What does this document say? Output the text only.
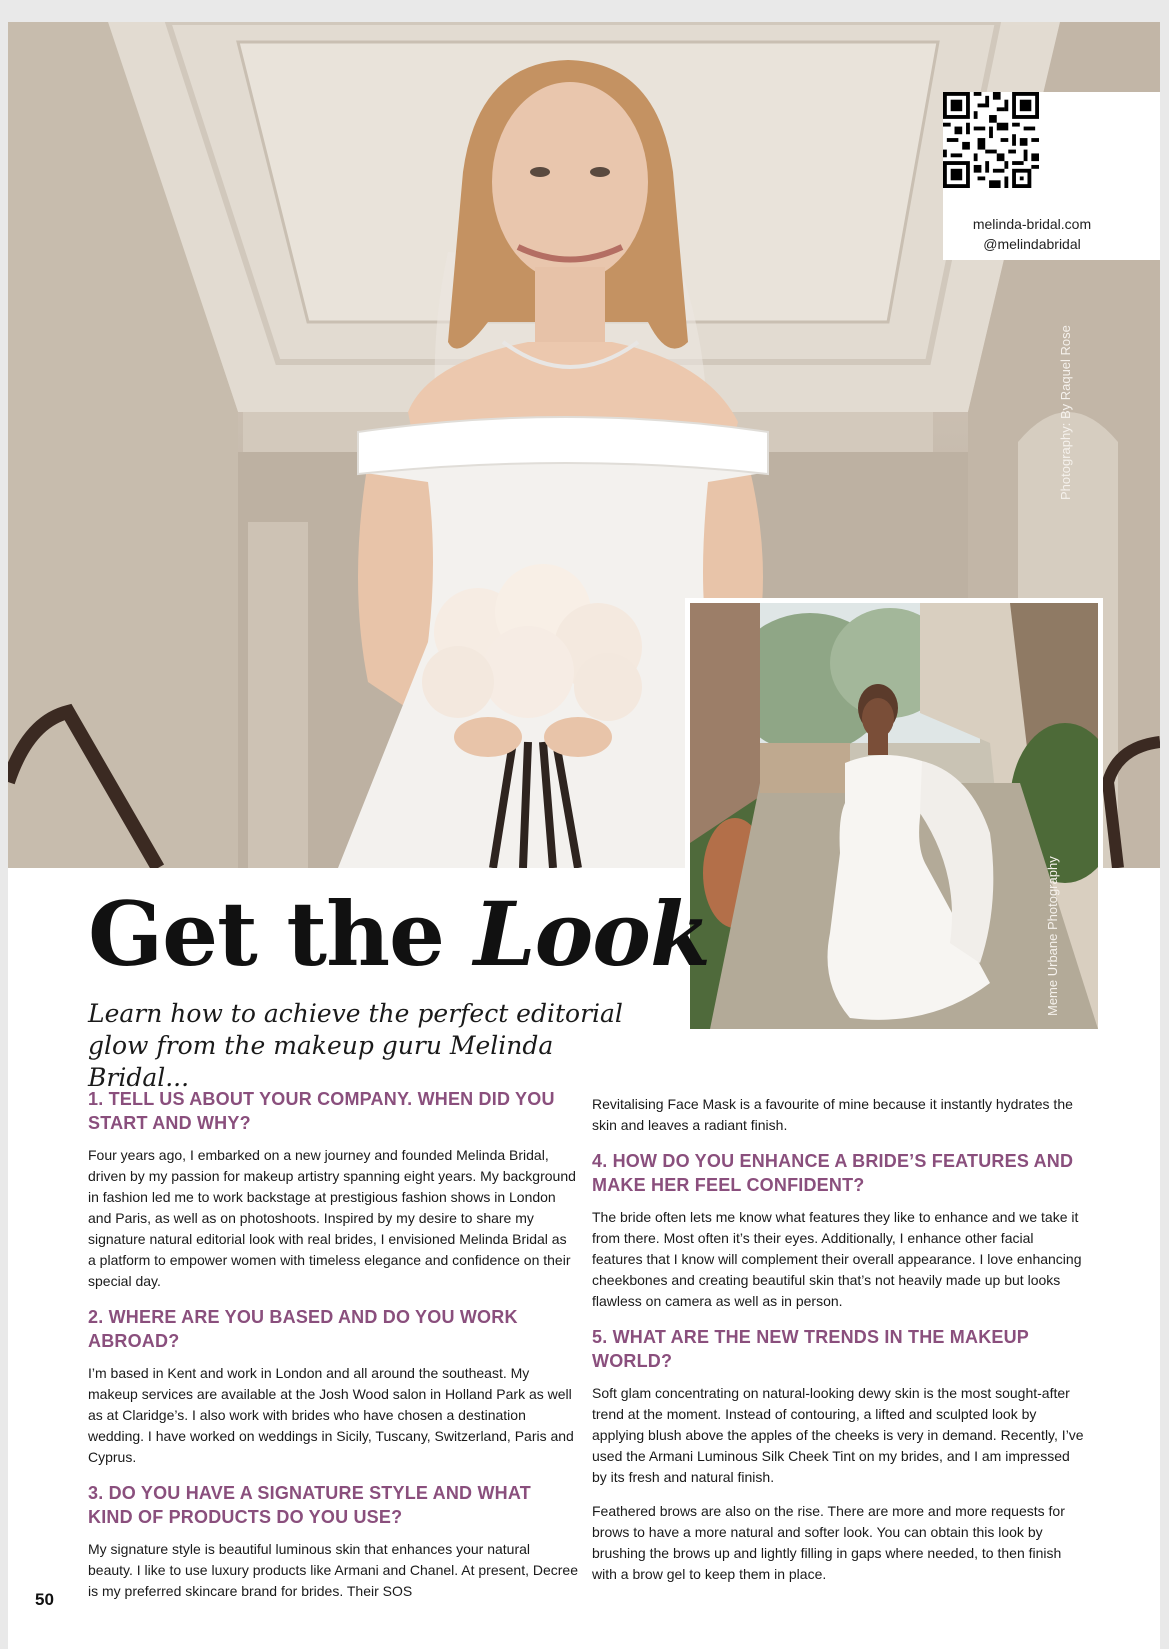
melinda-bridal.com
@melindabridal
Photography: By Raquel Rose
Meme Urbane Photography
Get the Look

Learn how to achieve the perfect editorial glow from the makeup guru Melinda Bridal...

1. TELL US ABOUT YOUR COMPANY. WHEN DID YOU START AND WHY?

Four years ago, I embarked on a new journey and founded Melinda Bridal, driven by my passion for makeup artistry spanning eight years. My background in fashion led me to work backstage at prestigious fashion shows in London and Paris, as well as on photoshoots. Inspired by my desire to share my signature natural editorial look with real brides, I envisioned Melinda Bridal as a platform to empower women with timeless elegance and confidence on their special day.

2. WHERE ARE YOU BASED AND DO YOU WORK ABROAD?

I’m based in Kent and work in London and all around the southeast. My makeup services are available at the Josh Wood salon in Holland Park as well as at Claridge’s. I also work with brides who have chosen a destination wedding. I have worked on weddings in Sicily, Tuscany, Switzerland, Paris and Cyprus.

3. DO YOU HAVE A SIGNATURE STYLE AND WHAT KIND OF PRODUCTS DO YOU USE?

My signature style is beautiful luminous skin that enhances your natural beauty. I like to use luxury products like Armani and Chanel. At present, Decree is my preferred skincare brand for brides. Their SOS

Revitalising Face Mask is a favourite of mine because it instantly hydrates the skin and leaves a radiant finish.

4. HOW DO YOU ENHANCE A BRIDE’S FEATURES AND MAKE HER FEEL CONFIDENT?

The bride often lets me know what features they like to enhance and we take it from there. Most often it’s their eyes. Additionally, I enhance other facial features that I know will complement their overall appearance. I love enhancing cheekbones and creating beautiful skin that’s not heavily made up but looks flawless on camera as well as in person.

5. WHAT ARE THE NEW TRENDS IN THE MAKEUP WORLD?

Soft glam concentrating on natural-looking dewy skin is the most sought-after trend at the moment. Instead of contouring, a lifted and sculpted look by applying blush above the apples of the cheeks is very in demand. Recently, I’ve used the Armani Luminous Silk Cheek Tint on my brides, and I am impressed by its fresh and natural finish.

Feathered brows are also on the rise. There are more and more requests for brows to have a more natural and softer look. You can obtain this look by brushing the brows up and lightly filling in gaps where needed, to then finish with a brow gel to keep them in place.

50
